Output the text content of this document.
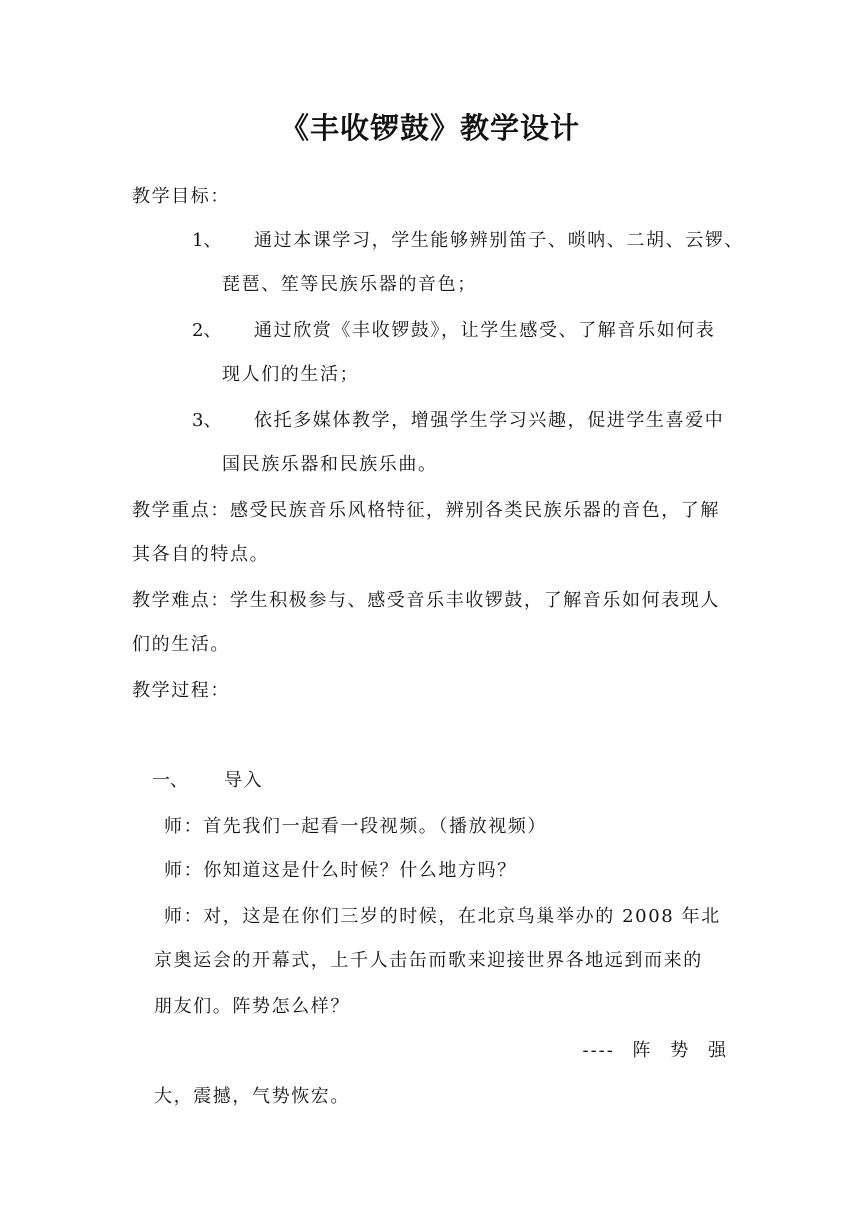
《丰收锣鼓》教学设计
教学目标：
1、 通过本课学习，学生能够辨别笛子、唢呐、二胡、云锣、
琵琶、笙等民族乐器的音色；
2、 通过欣赏《丰收锣鼓》，让学生感受、了解音乐如何表
现人们的生活；
3、 依托多媒体教学，增强学生学习兴趣，促进学生喜爱中
国民族乐器和民族乐曲。
教学重点：感受民族音乐风格特征，辨别各类民族乐器的音色，了解
其各自的特点。
教学难点：学生积极参与、感受音乐丰收锣鼓，了解音乐如何表现人
们的生活。
教学过程：
一、 导入
师：首先我们一起看一段视频。（播放视频）
师：你知道这是什么时候？什么地方吗？
师：对，这是在你们三岁的时候，在北京鸟巢举办的 2008 年北
京奥运会的开幕式，上千人击缶而歌来迎接世界各地远到而来的
朋友们。阵势怎么样？
---- 阵 势 强
大，震撼，气势恢宏。
